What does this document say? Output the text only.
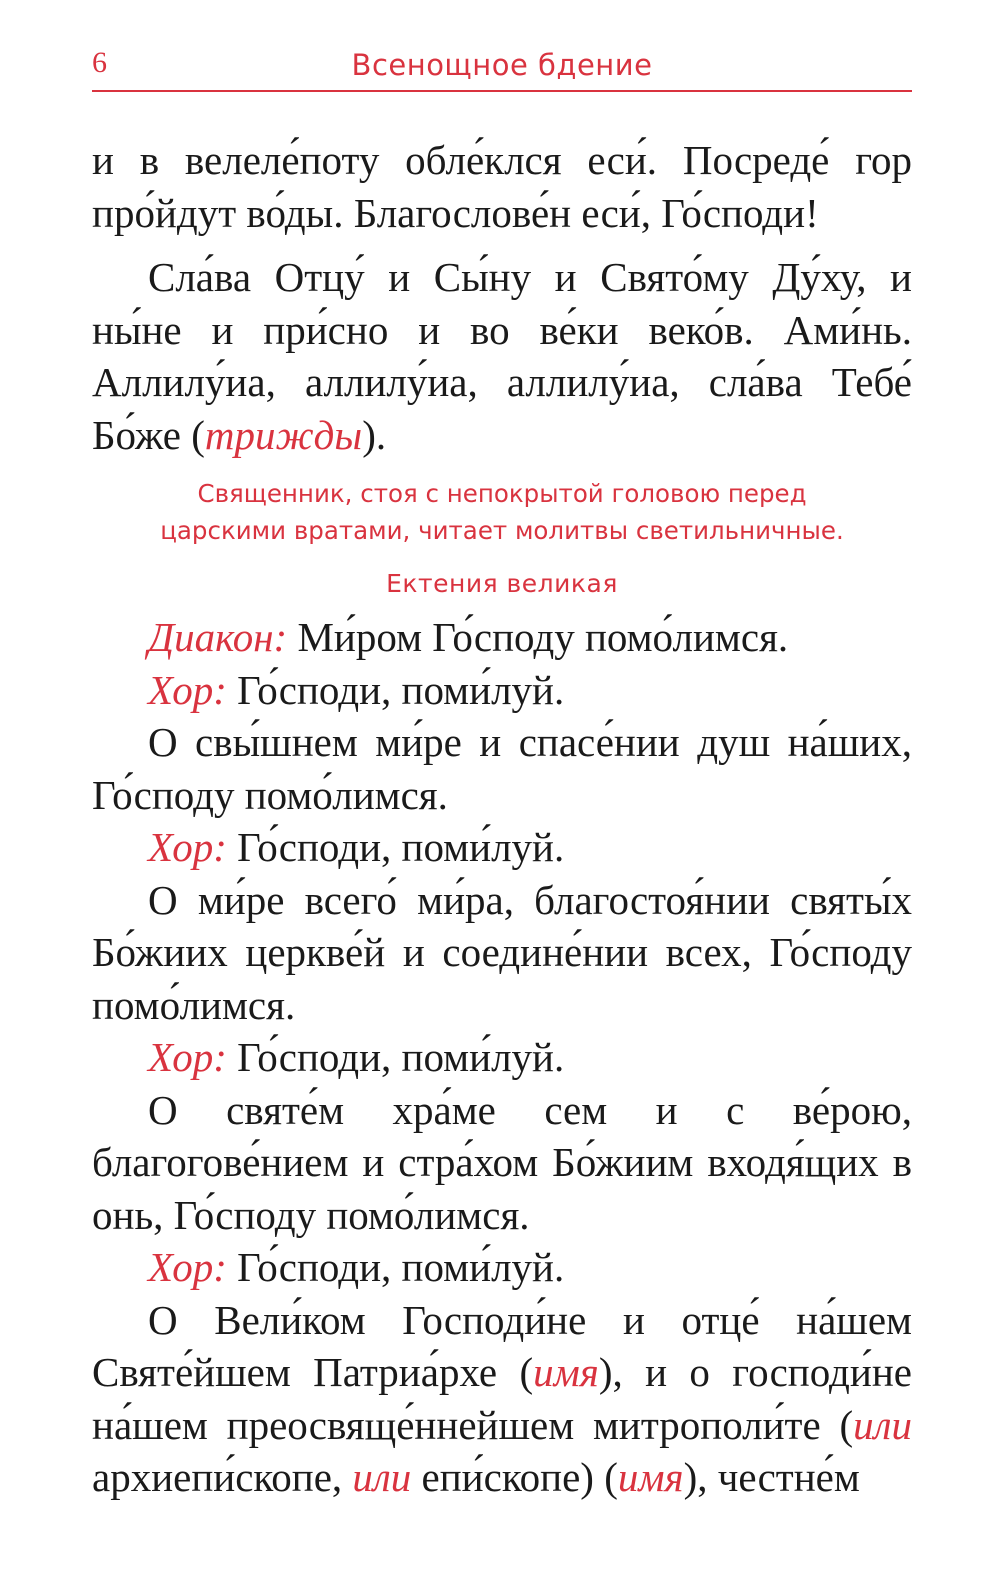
6	Всенощное бдение

и в велеле́поту обле́клся еси́. Посреде́ гор про́йдут во́ды. Благослове́н еси́, Го́споди!

Сла́ва Отцу́ и Сы́ну и Свято́му Ду́ху, и ны́не и при́сно и во ве́ки веко́в. Ами́нь. Аллилу́иа, аллилу́иа, аллилу́иа, сла́ва Тебе́ Бо́же (трижды).

Священник, стоя с непокрытой головою перед
царскими вратами, читает молитвы светильничные.
Ектения великая

Диакон: Ми́ром Го́споду помо́лимся.

Хор: Го́споди, поми́луй.

О свы́шнем ми́ре и спасе́нии душ на́ших, Го́споду помо́лимся.

Хор: Го́споди, поми́луй.

О ми́ре всего́ ми́ра, благостоя́нии святы́х Бо́жиих церкве́й и соедине́нии всех, Го́споду помо́лимся.

Хор: Го́споди, поми́луй.

О святе́м хра́ме сем и с ве́рою, благогове́нием и стра́хом Бо́жиим входя́щих в онь, Го́споду помо́лимся.

Хор: Го́споди, поми́луй.

О Вели́ком Господи́не и отце́ на́шем Святе́йшем Патриа́рхе (имя), и о господи́не на́шем преосвяще́ннейшем митрополи́те (или архиепи́скопе, или епи́скопе) (имя), честне́м
